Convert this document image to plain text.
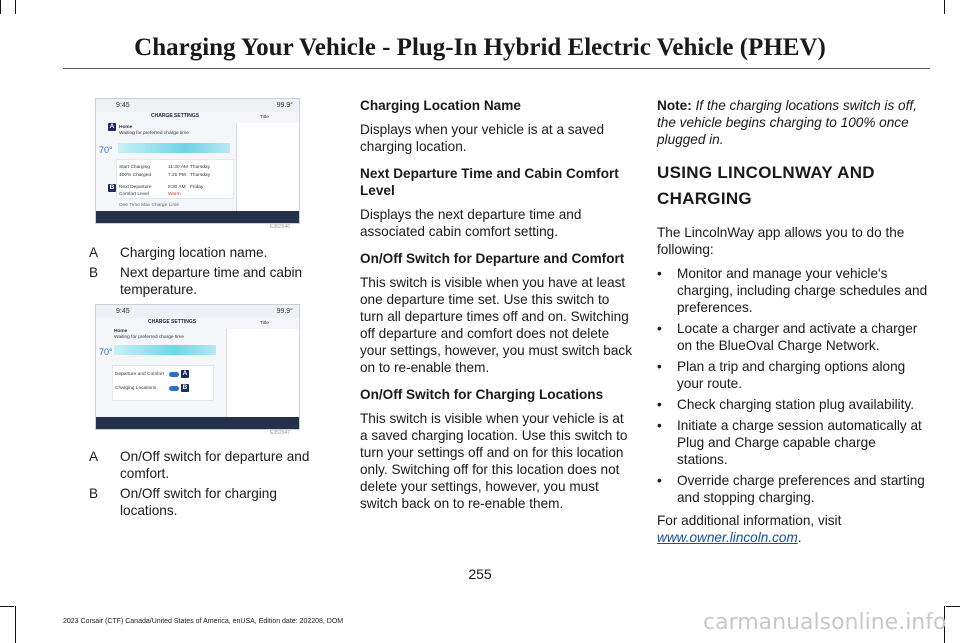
Charging Your Vehicle - Plug-In Hybrid Electric Vehicle (PHEV)
9:45	99.9°
CHARGE SETTINGS	Title
Home
Waiting for preferred charge time
A
70°
Start Charging	11:30 AM Thursday
100% Charged	7:25 PM Thursday
B Next Departure	8:30 AM Friday
Comfort Level	Warm
One Time Max Charge Limit
E352946
A Charging location name.
B Next departure time and cabin temperature.
9:45	99.9°
CHARGE SETTINGS	Title
Home
Waiting for preferred charge time
70°
Departure and Comfort	A
Charging Locations	B
E352947
A On/Off switch for departure and comfort.
B On/Off switch for charging locations.

Charging Location Name

Displays when your vehicle is at a saved charging location.

Next Departure Time and Cabin Comfort Level

Displays the next departure time and associated cabin comfort setting.

On/Off Switch for Departure and Comfort

This switch is visible when you have at least one departure time set. Use this switch to turn all departure times off and on. Switching off departure and comfort does not delete your settings, however, you must switch back on to re-enable them.

On/Off Switch for Charging Locations

This switch is visible when your vehicle is at a saved charging location. Use this switch to turn your settings off and on for this location only. Switching off for this location does not delete your settings, however, you must switch back on to re-enable them.

Note: If the charging locations switch is off, the vehicle begins charging to 100% once plugged in.

USING LINCOLNWAY AND
CHARGING

The LincolnWay app allows you to do the following:

• Monitor and manage your vehicle's charging, including charge schedules and preferences.
• Locate a charger and activate a charger on the BlueOval Charge Network.
• Plan a trip and charging options along your route.
• Check charging station plug availability.
• Initiate a charge session automatically at Plug and Charge capable charge stations.
• Override charge preferences and starting and stopping charging.

For additional information, visit

www.owner.lincoln.com.

255
2023 Corsair (CTF) Canada/United States of America, enUSA, Edition date: 202208, DOM	carmanualsonline.info
